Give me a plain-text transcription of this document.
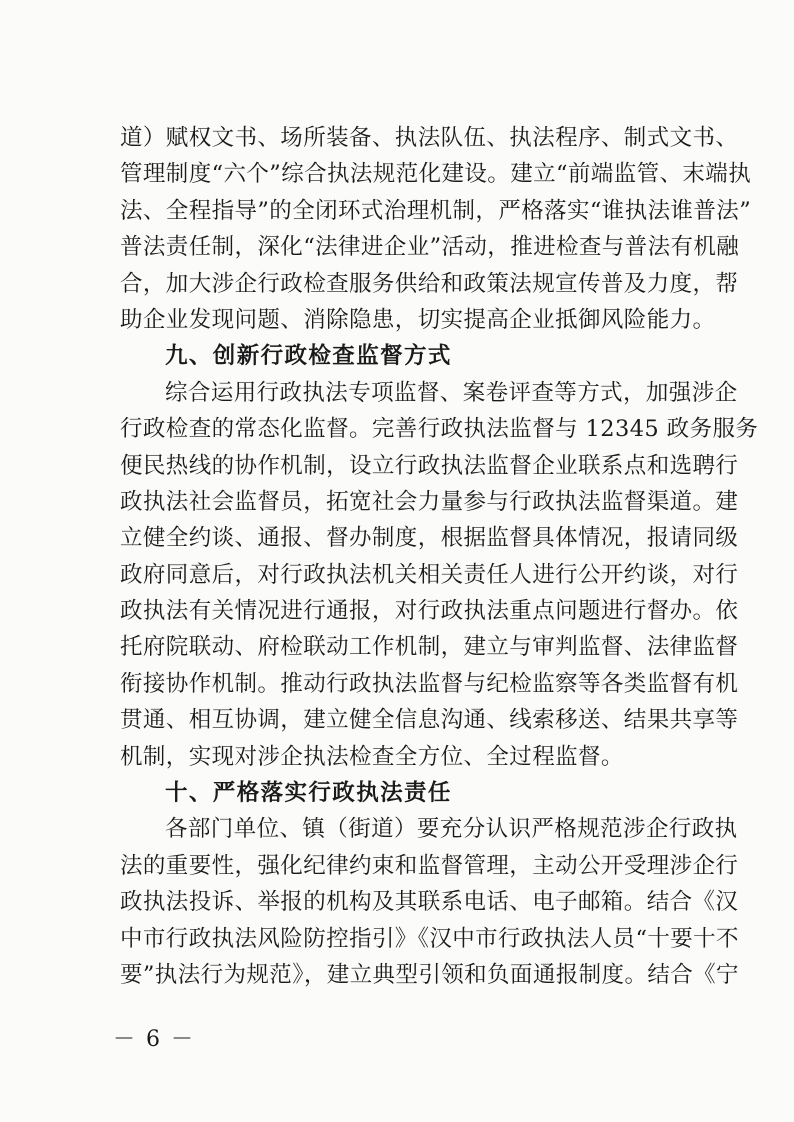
道）赋权文书、场所装备、执法队伍、执法程序、制式文书、
管理制度“六个”综合执法规范化建设。建立“前端监管、末端执
法、全程指导”的全闭环式治理机制，严格落实“谁执法谁普法”
普法责任制，深化“法律进企业”活动，推进检查与普法有机融
合，加大涉企行政检查服务供给和政策法规宣传普及力度，帮
助企业发现问题、消除隐患，切实提高企业抵御风险能力。
九、创新行政检查监督方式
综合运用行政执法专项监督、案卷评查等方式，加强涉企
行政检查的常态化监督。完善行政执法监督与 12345 政务服务
便民热线的协作机制，设立行政执法监督企业联系点和选聘行
政执法社会监督员，拓宽社会力量参与行政执法监督渠道。建
立健全约谈、通报、督办制度，根据监督具体情况，报请同级
政府同意后，对行政执法机关相关责任人进行公开约谈，对行
政执法有关情况进行通报，对行政执法重点问题进行督办。依
托府院联动、府检联动工作机制，建立与审判监督、法律监督
衔接协作机制。推动行政执法监督与纪检监察等各类监督有机
贯通、相互协调，建立健全信息沟通、线索移送、结果共享等
机制，实现对涉企执法检查全方位、全过程监督。
十、严格落实行政执法责任
各部门单位、镇（街道）要充分认识严格规范涉企行政执
法的重要性，强化纪律约束和监督管理，主动公开受理涉企行
政执法投诉、举报的机构及其联系电话、电子邮箱。结合《汉
中市行政执法风险防控指引》《汉中市行政执法人员“十要十不
要”执法行为规范》，建立典型引领和负面通报制度。结合《宁
－ 6 －
